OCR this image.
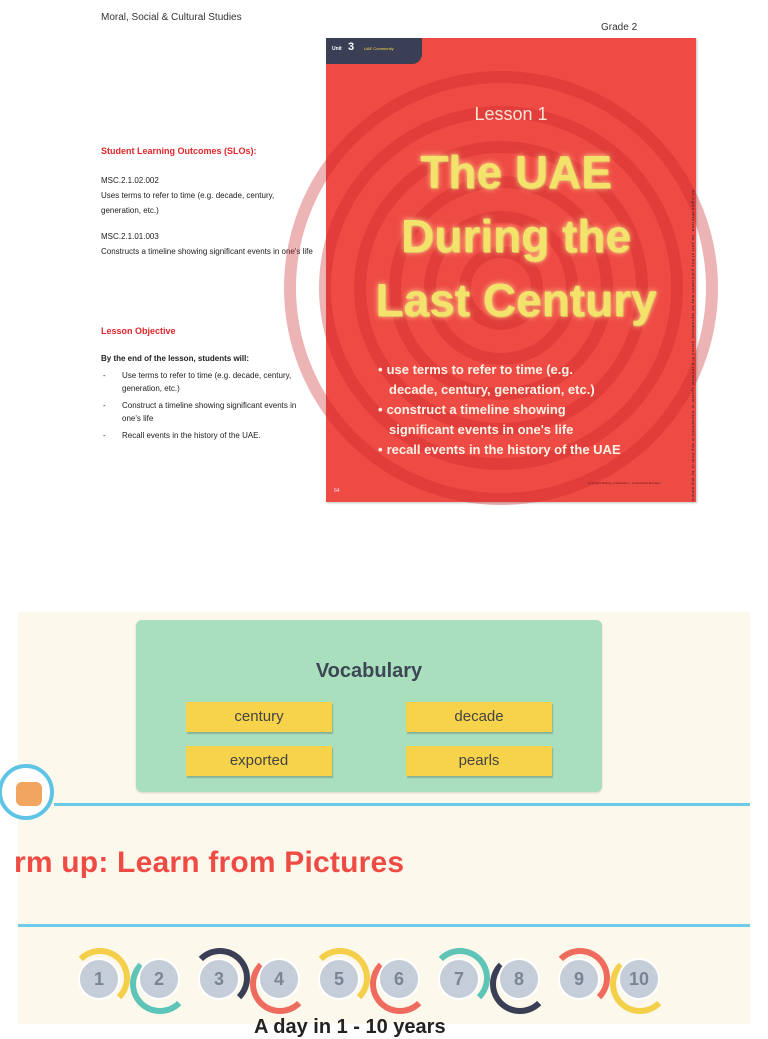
Moral, Social & Cultural Studies
Grade 2
Student Learning Outcomes (SLOs):
MSC.2.1.02.002
Uses terms to refer to time (e.g. decade, century, generation, etc.)
MSC.2.1.01.003
Constructs a timeline showing significant events in one's life
Lesson Objective
By the end of the lesson, students will:
- Use terms to refer to time (e.g. decade, century, generation, etc.)
- Construct a timeline showing significant events in one's life
- Recall events in the history of the UAE.
Unit 3 UAE Community
Lesson 1
The UAE
During the
Last Century
• use terms to refer to time (e.g.
decade, century, generation, etc.)
• construct a timeline showing
significant events in one's life
• recall events in the history of the UAE
64
Copyright Ministry of Education - United Arab Emirates	All rights reserved. No part of this publication may be reproduced, stored in a retrieval system or transmitted in any form or by any means.
Vocabulary
century	decade
exported	pearls
rm up: Learn from Pictures
1	2	3	4	5	6	7	8	9	10
A day in 1 - 10 years
